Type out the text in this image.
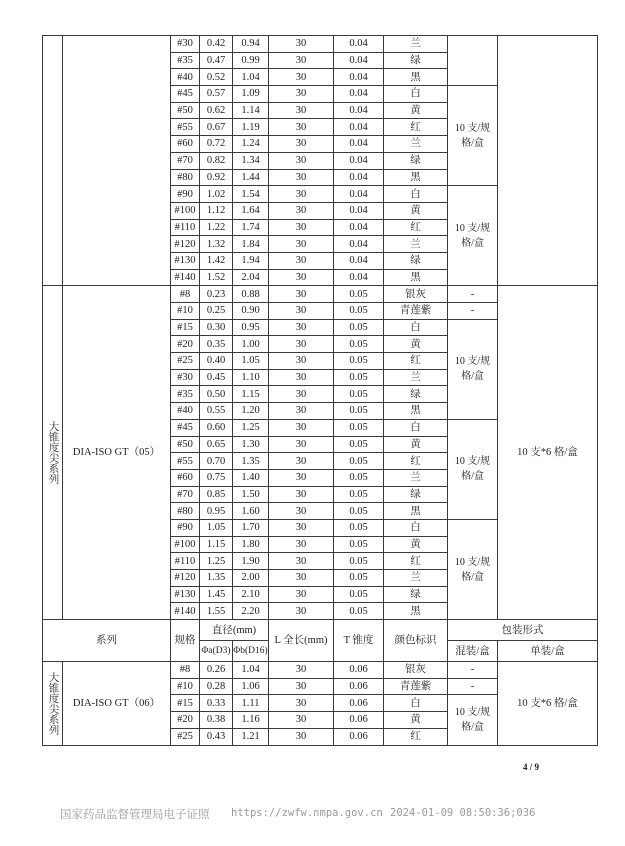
		#30	0.42	0.94	30	0.04	兰		
		#35	0.47	0.99	30	0.04	绿		
		#40	0.52	1.04	30	0.04	黑		
		#45	0.57	1.09	30	0.04	白	10 支/规格/盒	
		#50	0.62	1.14	30	0.04	黄		
		#55	0.67	1.19	30	0.04	红		
		#60	0.72	1.24	30	0.04	兰		
		#70	0.82	1.34	30	0.04	绿		
		#80	0.92	1.44	30	0.04	黑		
		#90	1.02	1.54	30	0.04	白	10 支/规格/盒	
		#100	1.12	1.64	30	0.04	黄		
		#110	1.22	1.74	30	0.04	红		
		#120	1.32	1.84	30	0.04	兰		
		#130	1.42	1.94	30	0.04	绿		
		#140	1.52	2.04	30	0.04	黑		

大锥度尖系列	DIA-ISO GT（05）	#8	0.23	0.88	30	0.05	银灰	-	10 支*6 格/盒
		#10	0.25	0.90	30	0.05	青莲紫	-	
		#15	0.30	0.95	30	0.05	白	10 支/规格/盒	
		#20	0.35	1.00	30	0.05	黄		
		#25	0.40	1.05	30	0.05	红		
		#30	0.45	1.10	30	0.05	兰		
		#35	0.50	1.15	30	0.05	绿		
		#40	0.55	1.20	30	0.05	黑		
		#45	0.60	1.25	30	0.05	白	10 支/规格/盒	
		#50	0.65	1.30	30	0.05	黄		
		#55	0.70	1.35	30	0.05	红		
		#60	0.75	1.40	30	0.05	兰		
		#70	0.85	1.50	30	0.05	绿		
		#80	0.95	1.60	30	0.05	黑		
		#90	1.05	1.70	30	0.05	白	10 支/规格/盒	
		#100	1.15	1.80	30	0.05	黄		
		#110	1.25	1.90	30	0.05	红		
		#120	1.35	2.00	30	0.05	兰		
		#130	1.45	2.10	30	0.05	绿		
		#140	1.55	2.20	30	0.05	黑		
系列		规格	直径(mm)		L 全长(mm)	T 锥度	颜色标识	包装形式	
			Φa(D3)	Φb(D16)				混装/盒	单装/盒

大锥度尖系列	DIA-ISO GT（06）	#8	0.26	1.04	30	0.06	银灰	-	10 支*6 格/盒
		#10	0.28	1.06	30	0.06	青莲紫	-	
		#15	0.33	1.11	30	0.06	白	10 支/规格/盒	
		#20	0.38	1.16	30	0.06	黄		
		#25	0.43	1.21	30	0.06	红		
4 / 9
国家药品监督管理局电子证照 https://zwfw.nmpa.gov.cn 2024-01-09 08:50:36;036
